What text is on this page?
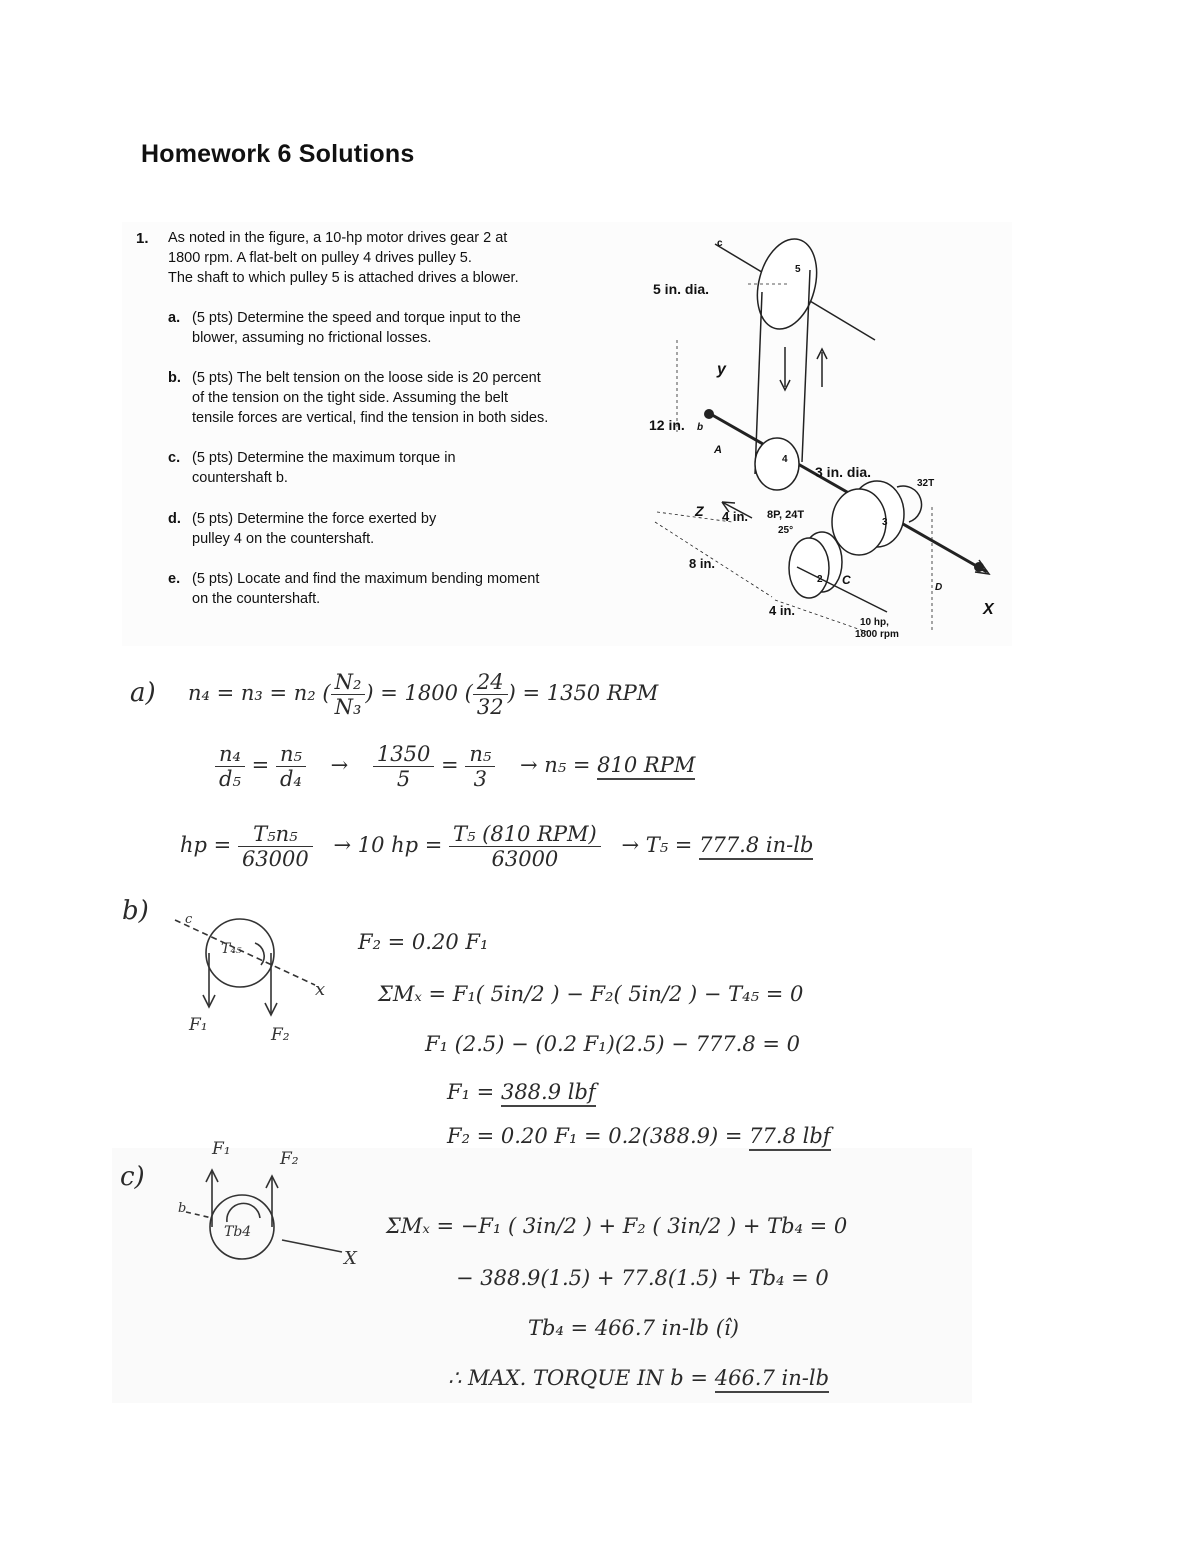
Homework 6 Solutions
1. As noted in the figure, a 10-hp motor drives gear 2 at
1800 rpm. A flat-belt on pulley 4 drives pulley 5.
The shaft to which pulley 5 is attached drives a blower.
a. (5 pts) Determine the speed and torque input to the
blower, assuming no frictional losses.
b. (5 pts) The belt tension on the loose side is 20 percent
of the tension on the tight side. Assuming the belt
tensile forces are vertical, find the tension in both sides.
c. (5 pts) Determine the maximum torque in
countershaft b.
d. (5 pts) Determine the force exerted by
pulley 4 on the countershaft.
e. (5 pts) Locate and find the maximum bending moment
on the countershaft.
5 in. dia.
12 in.
3 in. dia.
32T
8P, 24T
25°
4 in.
8 in.
4 in.
10 hp,
1800 rpm
Z
X
y
c
A
b
D
C
5
4
3
2
a) n₄ = n₃ = n₂ ( $\frac{\text{N₂}}{\text{N₃}}$ ) = 1800 ( $\frac{24}{32}$ ) = 1350 RPM
$\frac{\text{n₄}}{\text{d₅}} = \frac{\text{n₅}}{\text{d₄}} \to \frac{1350}{5} = \frac{\text{n₅}}{3} \to n_5 = 810$ RPM
hp = $\frac{\text{T₅n₅}}{63000} \to 10$ hp = $\frac{\text{T₅ (810 RPM)}}{63000} \to T_5 = 777.8$ in-lb
b)	c
T₄₅
x
F₁	F₂
F₂ = 0.20 F₁
ΣMₓ = F₁( 5in/2 ) − F₂( 5in/2 ) − T₄₅ = 0
F₁ (2.5) − (0.2 F₁)(2.5) − 777.8 = 0
F₁ = 388.9 lbf
F₂ = 0.20 F₁ = 0.2(388.9) = 77.8 lbf
c)
b
Tb4
X
F₁	F₂
ΣMₓ = −F₁ ( 3in/2 ) + F₂ ( 3in/2 ) + Tb₄ = 0
− 388.9(1.5) + 77.8(1.5) + Tb₄ = 0
Tb₄ = 466.7 in-lb (î)
∴ MAX. TORQUE IN b = 466.7 in-lb
